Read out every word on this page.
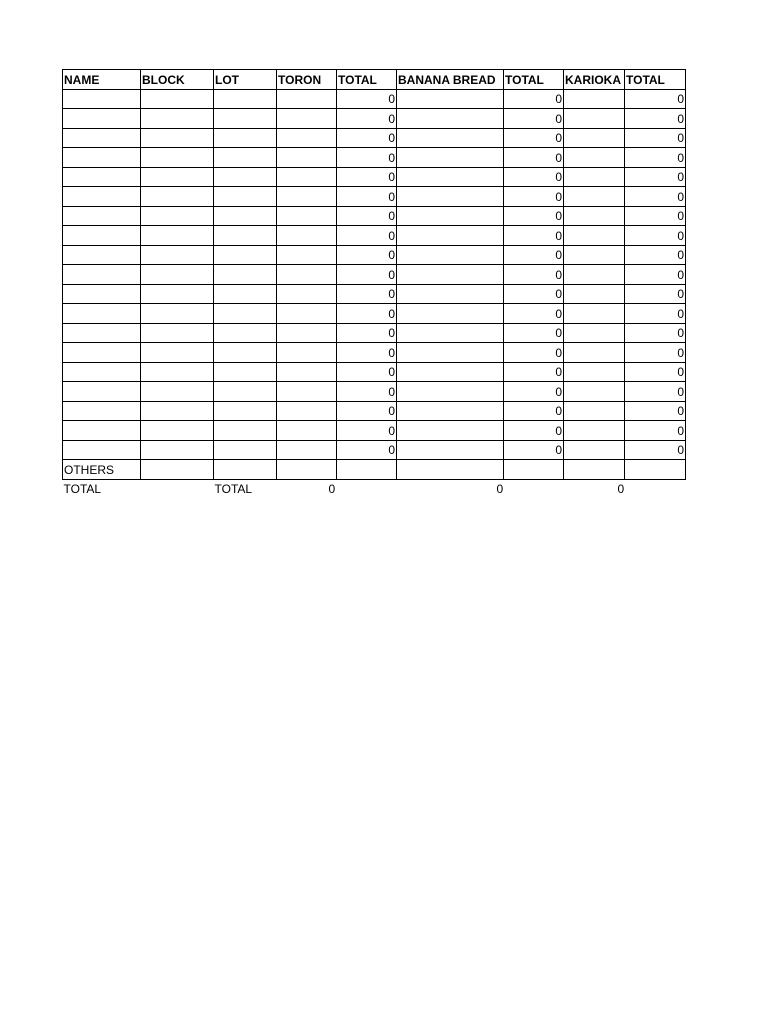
NAME	BLOCK	LOT	TORON	TOTAL	BANANA BREAD	TOTAL	KARIOKA	TOTAL
				0		0		0
				0		0		0
				0		0		0
				0		0		0
				0		0		0
				0		0		0
				0		0		0
				0		0		0
				0		0		0
				0		0		0
				0		0		0
				0		0		0
				0		0		0
				0		0		0
				0		0		0
				0		0		0
				0		0		0
				0		0		0
				0		0		0
OTHERS								
TOTAL		TOTAL		0		0		0
